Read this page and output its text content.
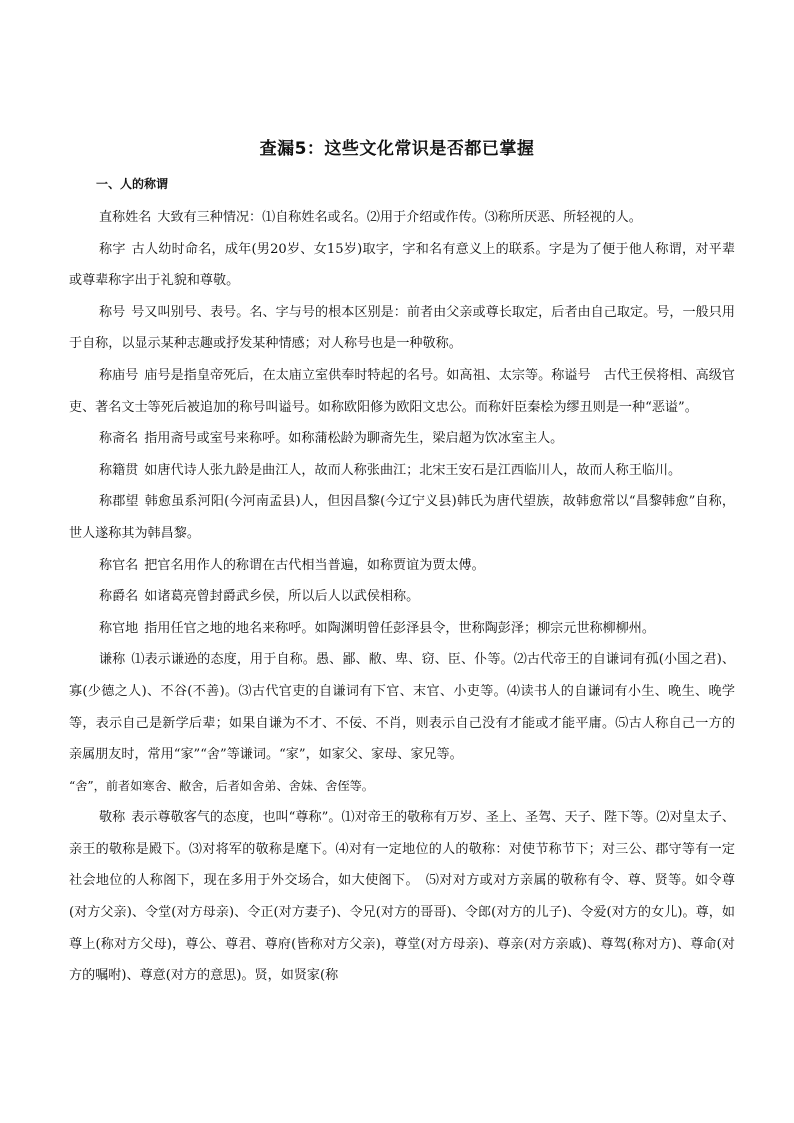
查漏5：这些文化常识是否都已掌握
一、人的称谓

直称姓名 大致有三种情况：⑴自称姓名或名。⑵用于介绍或作传。⑶称所厌恶、所轻视的人。

称字 古人幼时命名，成年(男20岁、女15岁)取字，字和名有意义上的联系。字是为了便于他人称谓，对平辈或尊辈称字出于礼貌和尊敬。

称号 号又叫别号、表号。名、字与号的根本区别是：前者由父亲或尊长取定，后者由自己取定。号，一般只用于自称，以显示某种志趣或抒发某种情感；对人称号也是一种敬称。

称庙号 庙号是指皇帝死后，在太庙立室供奉时特起的名号。如高祖、太宗等。称谥号　古代王侯将相、高级官吏、著名文士等死后被追加的称号叫谥号。如称欧阳修为欧阳文忠公。而称奸臣秦桧为缪丑则是一种“恶谥”。

称斋名 指用斋号或室号来称呼。如称蒲松龄为聊斋先生，梁启超为饮冰室主人。

称籍贯 如唐代诗人张九龄是曲江人，故而人称张曲江；北宋王安石是江西临川人，故而人称王临川。

称郡望 韩愈虽系河阳(今河南孟县)人，但因昌黎(今辽宁义县)韩氏为唐代望族，故韩愈常以“昌黎韩愈”自称，世人遂称其为韩昌黎。

称官名 把官名用作人的称谓在古代相当普遍，如称贾谊为贾太傅。

称爵名 如诸葛亮曾封爵武乡侯，所以后人以武侯相称。

称官地 指用任官之地的地名来称呼。如陶渊明曾任彭泽县令，世称陶彭泽；柳宗元世称柳柳州。

谦称 ⑴表示谦逊的态度，用于自称。愚、鄙、敝、卑、窃、臣、仆等。⑵古代帝王的自谦词有孤(小国之君)、寡(少德之人)、不谷(不善)。⑶古代官吏的自谦词有下官、末官、小吏等。⑷读书人的自谦词有小生、晚生、晚学等，表示自己是新学后辈；如果自谦为不才、不佞、不肖，则表示自己没有才能或才能平庸。⑸古人称自己一方的亲属朋友时，常用“家”“舍”等谦词。“家”，如家父、家母、家兄等。

“舍”，前者如寒舍、敝舍，后者如舍弟、舍妹、舍侄等。

敬称 表示尊敬客气的态度，也叫“尊称”。⑴对帝王的敬称有万岁、圣上、圣驾、天子、陛下等。⑵对皇太子、亲王的敬称是殿下。⑶对将军的敬称是麾下。⑷对有一定地位的人的敬称：对使节称节下；对三公、郡守等有一定社会地位的人称阁下，现在多用于外交场合，如大使阁下。　⑸对对方或对方亲属的敬称有令、尊、贤等。如令尊(对方父亲)、令堂(对方母亲)、令正(对方妻子)、令兄(对方的哥哥)、令郎(对方的儿子)、令爱(对方的女儿)。尊，如尊上(称对方父母)，尊公、尊君、尊府(皆称对方父亲)，尊堂(对方母亲)、尊亲(对方亲戚)、尊驾(称对方)、尊命(对方的嘱咐)、尊意(对方的意思)。贤，如贤家(称
